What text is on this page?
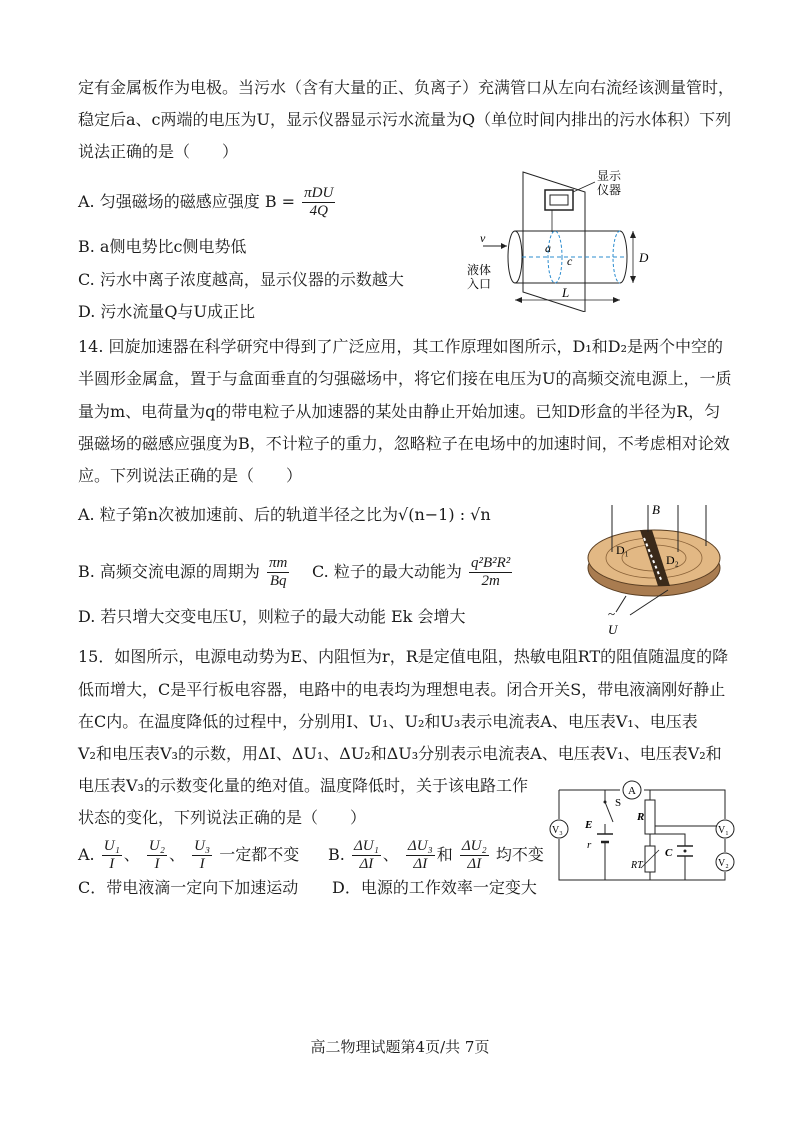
定有金属板作为电极。当污水（含有大量的正、负离子）充满管口从左向右流经该测量管时，
稳定后a、c两端的电压为U，显示仪器显示污水流量为Q（单位时间内排出的污水体积）下列
说法正确的是（　　）
A. 匀强磁场的磁感应强度 $B = \frac{\text{πDU}}{4Q}$
B. a侧电势比c侧电势低
C. 污水中离子浓度越高，显示仪器的示数越大
D. 污水流量Q与U成正比
显示
仪器
a
c
v
液体
入口
D
L
14. 回旋加速器在科学研究中得到了广泛应用，其工作原理如图所示，D₁和D₂是两个中空的
半圆形金属盒，置于与盒面垂直的匀强磁场中，将它们接在电压为U的高频交流电源上，一质
量为m、电荷量为q的带电粒子从加速器的某处由静止开始加速。已知D形盒的半径为R，匀
强磁场的磁感应强度为B，不计粒子的重力，忽略粒子在电场中的加速时间，不考虑相对论效
应。下列说法正确的是（　　）
A. 粒子第n次被加速前、后的轨道半径之比为√(n−1) : √n
B. 高频交流电源的周期为 $\frac{\pi m}{Bq} C$. 粒子的最大动能为 $\frac{\text{q²B²R²}}{2m}$
D. 若只增大交变电压U，则粒子的最大动能 Ek 会增大
B
D₁
D₂
~
U
15．如图所示，电源电动势为E、内阻恒为r，R是定值电阻，热敏电阻RT的阻值随温度的降
低而增大，C是平行板电容器，电路中的电表均为理想电表。闭合开关S，带电液滴刚好静止
在C内。在温度降低的过程中，分别用I、U₁、U₂和U₃表示电流表A、电压表V₁、电压表
V₂和电压表V₃的示数，用ΔI、ΔU₁、ΔU₂和ΔU₃分别表示电流表A、电压表V₁、电压表V₂和
电压表V₃的示数变化量的绝对值。温度降低时，关于该电路工作
状态的变化，下列说法正确的是（　　）
A. $\frac{\text{U₁}}{I}$ 、 $\frac{\text{U₂}}{I}$ 、 $\frac{\text{U₃}}{I}$ 一定都不变 B. $\frac{\text{ΔU₁}}{\Delta I}$ 、 $\frac{\text{ΔU₃}}{\Delta I}$ 和 $\frac{\text{ΔU₂}}{\Delta I}$ 均不变
C．带电液滴一定向下加速运动 D．电源的工作效率一定变大
A
V₁
V₂
V₃
S
E
r
R
RT
C
高二物理试题第4页/共 7页
